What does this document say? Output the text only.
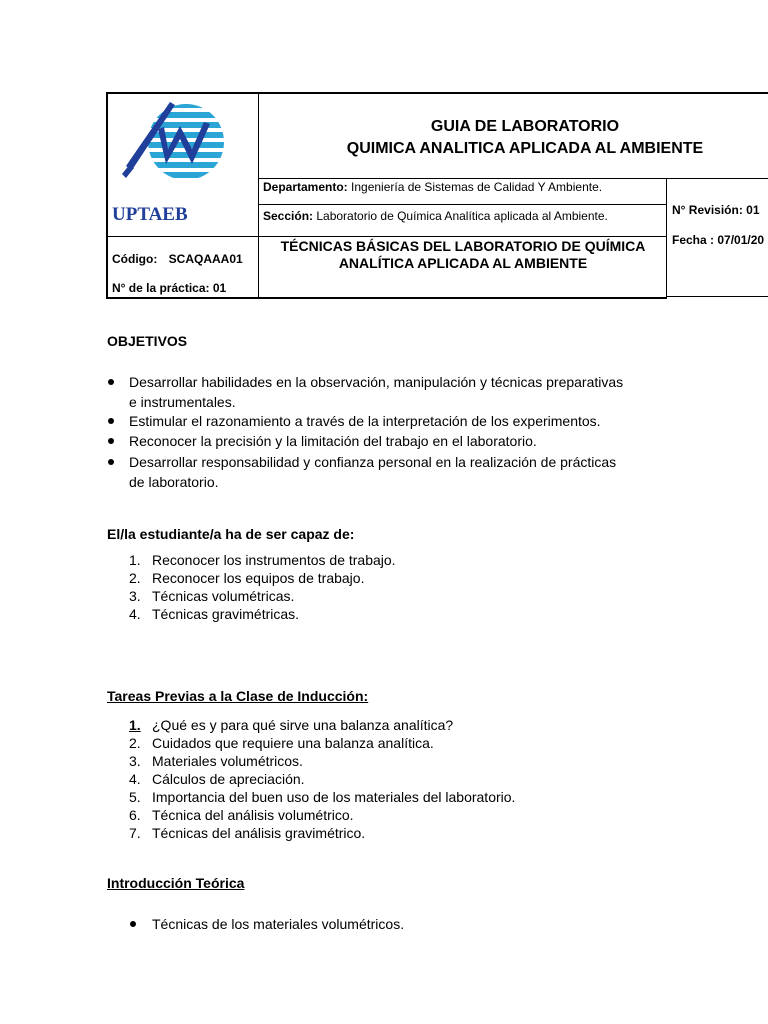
UPTAEB
GUIA DE LABORATORIO
QUIMICA ANALITICA APLICADA AL AMBIENTE
Departamento: Ingeniería de Sistemas de Calidad Y Ambiente.
Sección: Laboratorio de Química Analítica aplicada al Ambiente.	N° Revisión: 01
Fecha : 07/01/20
Código: SCAQAAA01
N° de la práctica: 01
TÉCNICAS BÁSICAS DEL LABORATORIO DE QUÍMICA
ANALÍTICA APLICADA AL AMBIENTE
OBJETIVOS
Desarrollar habilidades en la observación, manipulación y técnicas preparativas
e instrumentales.
Estimular el razonamiento a través de la interpretación de los experimentos.
Reconocer la precisión y la limitación del trabajo en el laboratorio.
Desarrollar responsabilidad y confianza personal en la realización de prácticas
de laboratorio.
El/la estudiante/a ha de ser capaz de:
1. Reconocer los instrumentos de trabajo.
2. Reconocer los equipos de trabajo.
3. Técnicas volumétricas.
4. Técnicas gravimétricas.
Tareas Previas a la Clase de Inducción:
1. ¿Qué es y para qué sirve una balanza analítica?
2. Cuidados que requiere una balanza analítica.
3. Materiales volumétricos.
4. Cálculos de apreciación.
5. Importancia del buen uso de los materiales del laboratorio.
6. Técnica del análisis volumétrico.
7. Técnicas del análisis gravimétrico.
Introducción Teórica
Técnicas de los materiales volumétricos.
